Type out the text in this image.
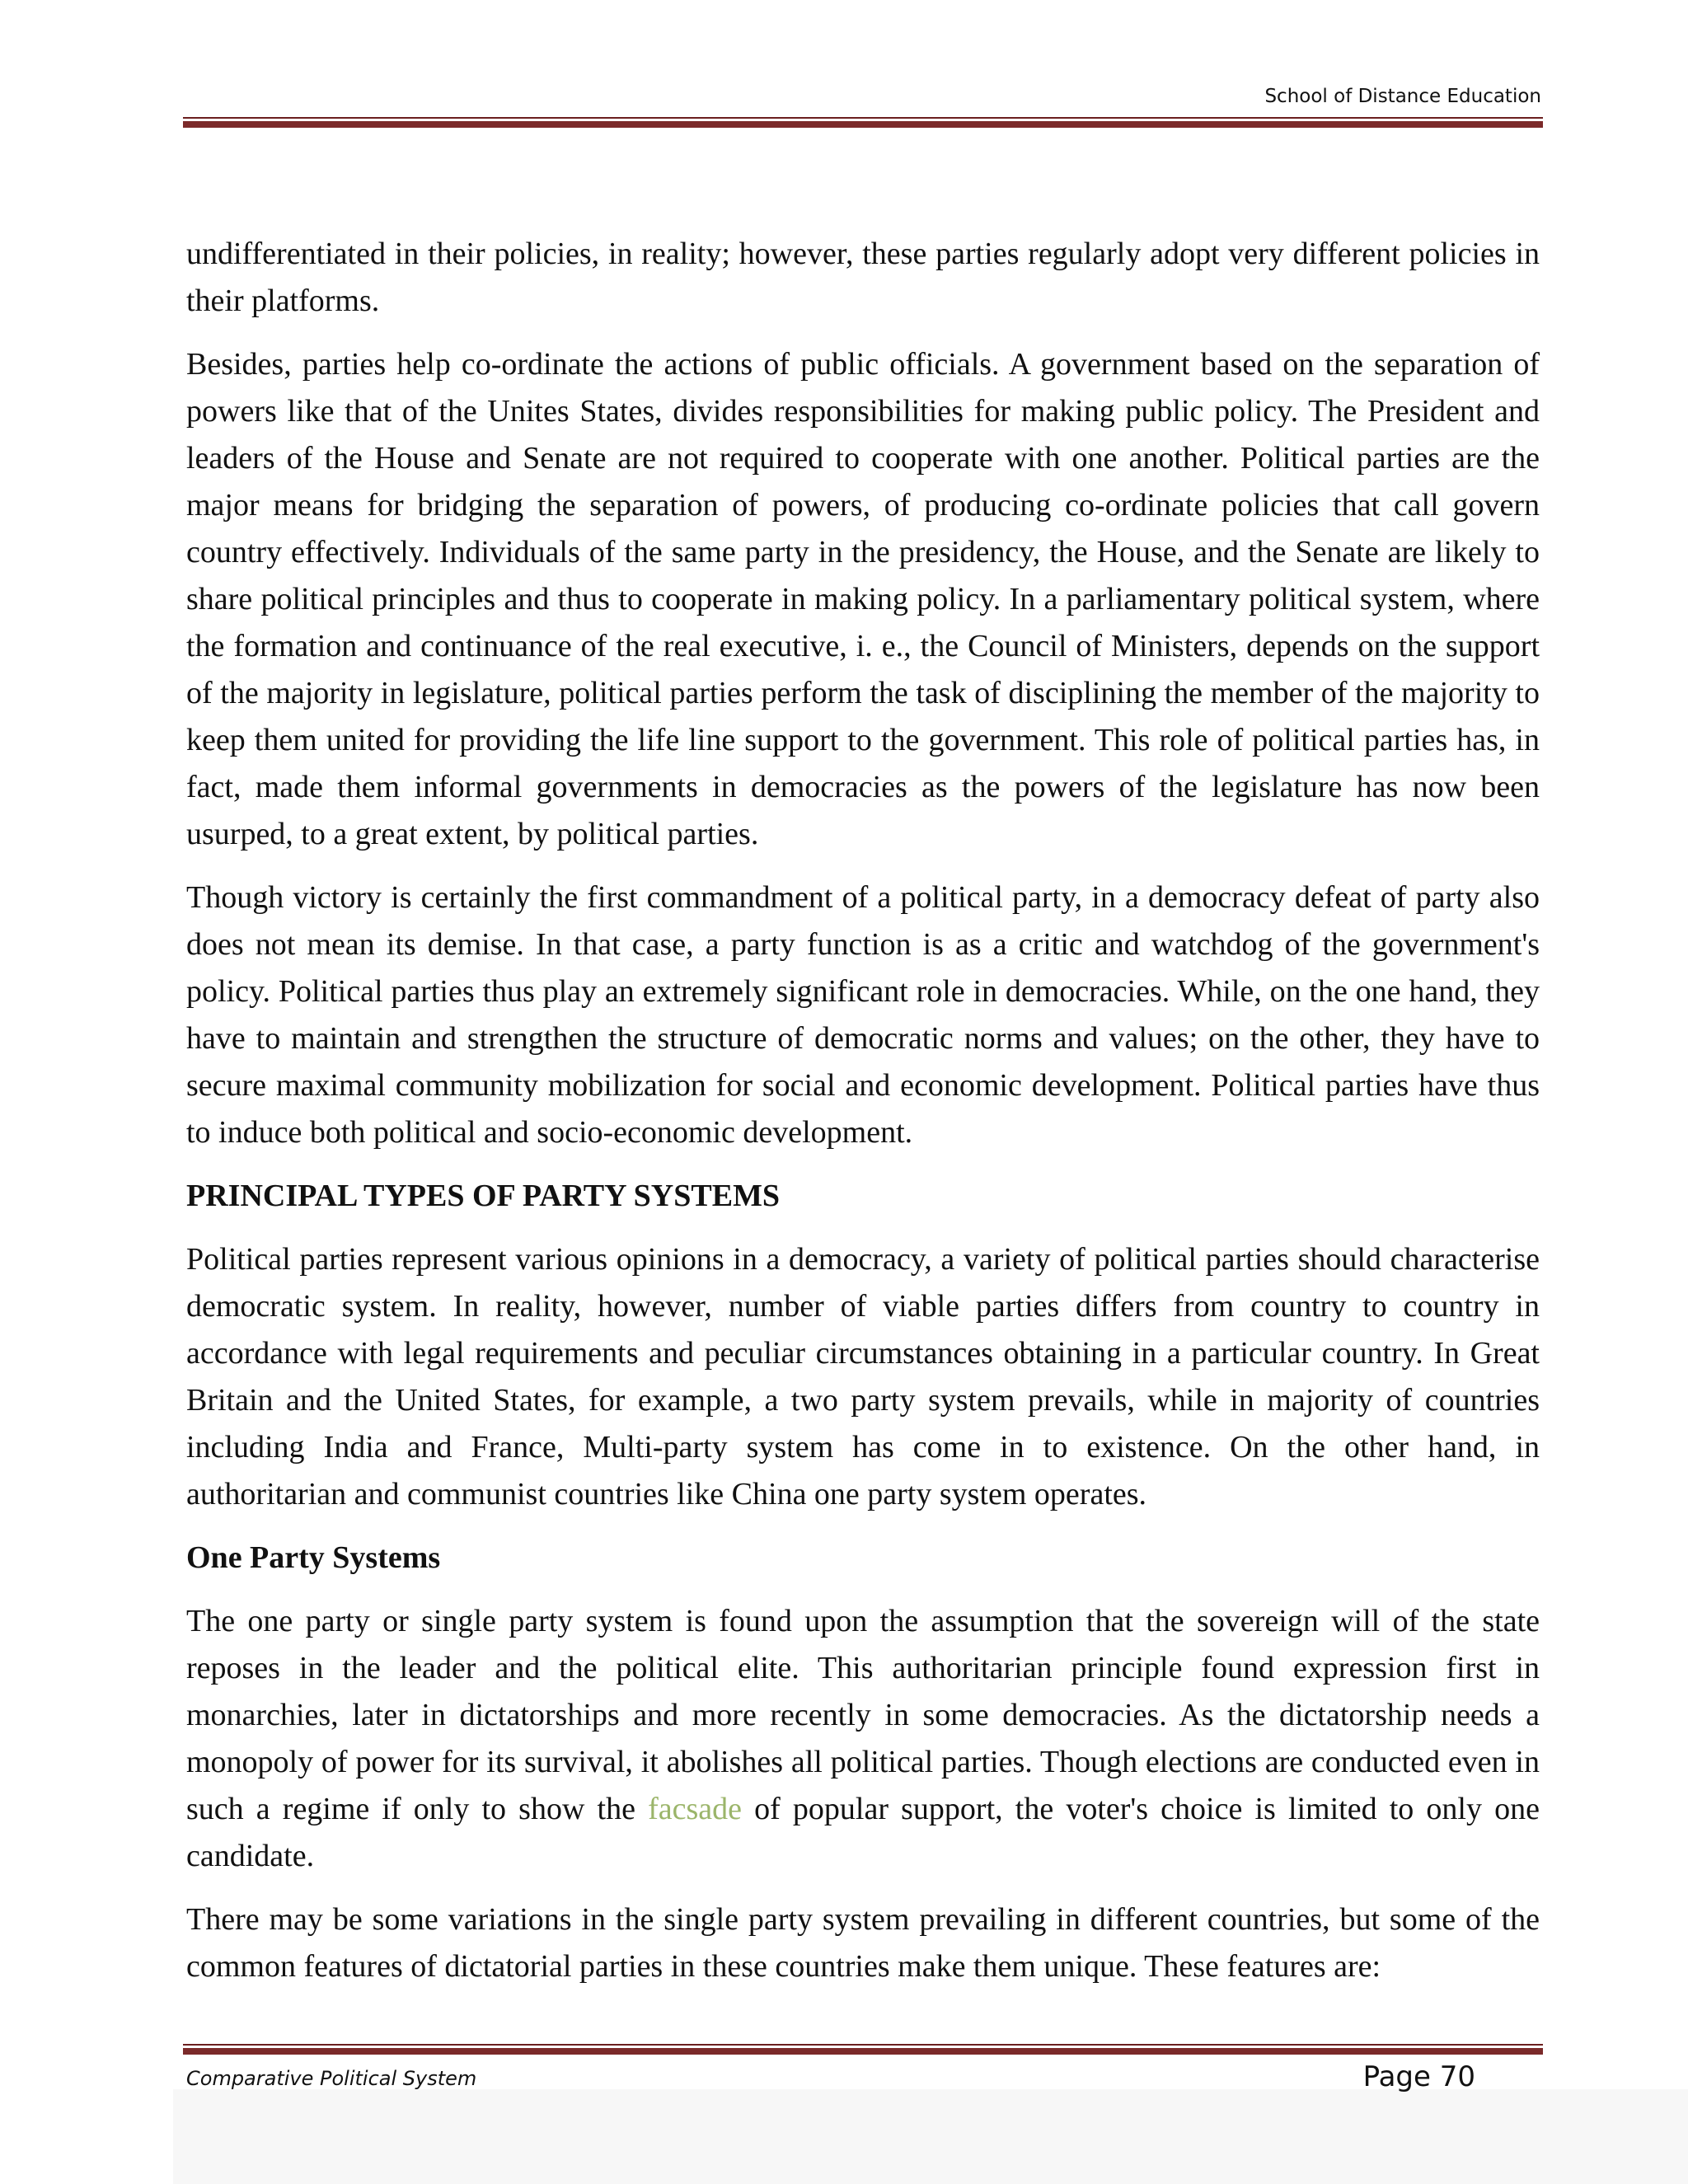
School of Distance Education

undifferentiated in their policies, in reality; however, these parties regularly adopt very different policies in their platforms.

Besides, parties help co-ordinate the actions of public officials. A government based on the separation of powers like that of the Unites States, divides responsibilities for making public policy. The President and leaders of the House and Senate are not required to cooperate with one another. Political parties are the major means for bridging the separation of powers, of producing co-ordinate policies that call govern country effectively. Individuals of the same party in the presidency, the House, and the Senate are likely to share political principles and thus to cooperate in making policy. In a parliamentary political system, where the formation and continuance of the real executive, i. e., the Council of Ministers, depends on the support of the majority in legislature, political parties perform the task of disciplining the member of the majority to keep them united for providing the life line support to the government. This role of political parties has, in fact, made them informal governments in democracies as the powers of the legislature has now been usurped, to a great extent, by political parties.

Though victory is certainly the first commandment of a political party, in a democracy defeat of party also does not mean its demise. In that case, a party function is as a critic and watchdog of the government's policy. Political parties thus play an extremely significant role in democracies. While, on the one hand, they have to maintain and strengthen the structure of democratic norms and values; on the other, they have to secure maximal community mobilization for social and economic development. Political parties have thus to induce both political and socio-economic development.

PRINCIPAL TYPES OF PARTY SYSTEMS

Political parties represent various opinions in a democracy, a variety of political parties should characterise democratic system. In reality, however, number of viable parties differs from country to country in accordance with legal requirements and peculiar circumstances obtaining in a particular country. In Great Britain and the United States, for example, a two party system prevails, while in majority of countries including India and France, Multi-party system has come in to existence. On the other hand, in authoritarian and communist countries like China one party system operates.

One Party Systems

The one party or single party system is found upon the assumption that the sovereign will of the state reposes in the leader and the political elite. This authoritarian principle found expression first in monarchies, later in dictatorships and more recently in some democracies. As the dictatorship needs a monopoly of power for its survival, it abolishes all political parties. Though elections are conducted even in such a regime if only to show the facsade of popular support, the voter's choice is limited to only one candidate.

There may be some variations in the single party system prevailing in different countries, but some of the common features of dictatorial parties in these countries make them unique. These features are:

Comparative Political System	Page 70
